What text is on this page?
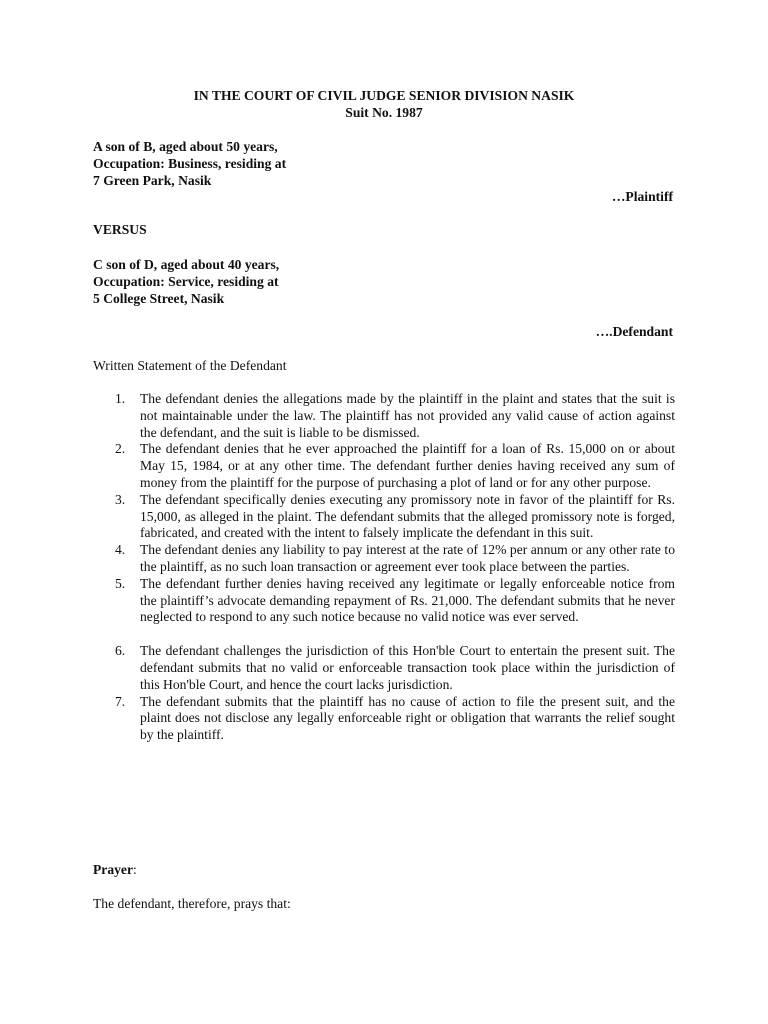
IN THE COURT OF CIVIL JUDGE SENIOR DIVISION NASIK
Suit No. 1987
A son of B, aged about 50 years,
Occupation: Business, residing at
7 Green Park, Nasik
…Plaintiff
VERSUS
C son of D, aged about 40 years,
Occupation: Service, residing at
5 College Street, Nasik
….Defendant
Written Statement of the Defendant
1.	The defendant denies the allegations made by the plaintiff in the plaint and states that the suit is not maintainable under the law. The plaintiff has not provided any valid cause of action against the defendant, and the suit is liable to be dismissed.
2.	The defendant denies that he ever approached the plaintiff for a loan of Rs. 15,000 on or about May 15, 1984, or at any other time. The defendant further denies having received any sum of money from the plaintiff for the purpose of purchasing a plot of land or for any other purpose.
3.	The defendant specifically denies executing any promissory note in favor of the plaintiff for Rs. 15,000, as alleged in the plaint. The defendant submits that the alleged promissory note is forged, fabricated, and created with the intent to falsely implicate the defendant in this suit.
4.	The defendant denies any liability to pay interest at the rate of 12% per annum or any other rate to the plaintiff, as no such loan transaction or agreement ever took place between the parties.
5.	The defendant further denies having received any legitimate or legally enforceable notice from the plaintiff’s advocate demanding repayment of Rs. 21,000. The defendant submits that he never neglected to respond to any such notice because no valid notice was ever served.
6.	The defendant challenges the jurisdiction of this Hon'ble Court to entertain the present suit. The defendant submits that no valid or enforceable transaction took place within the jurisdiction of this Hon'ble Court, and hence the court lacks jurisdiction.
7.	The defendant submits that the plaintiff has no cause of action to file the present suit, and the plaint does not disclose any legally enforceable right or obligation that warrants the relief sought by the plaintiff.
Prayer:
The defendant, therefore, prays that:
